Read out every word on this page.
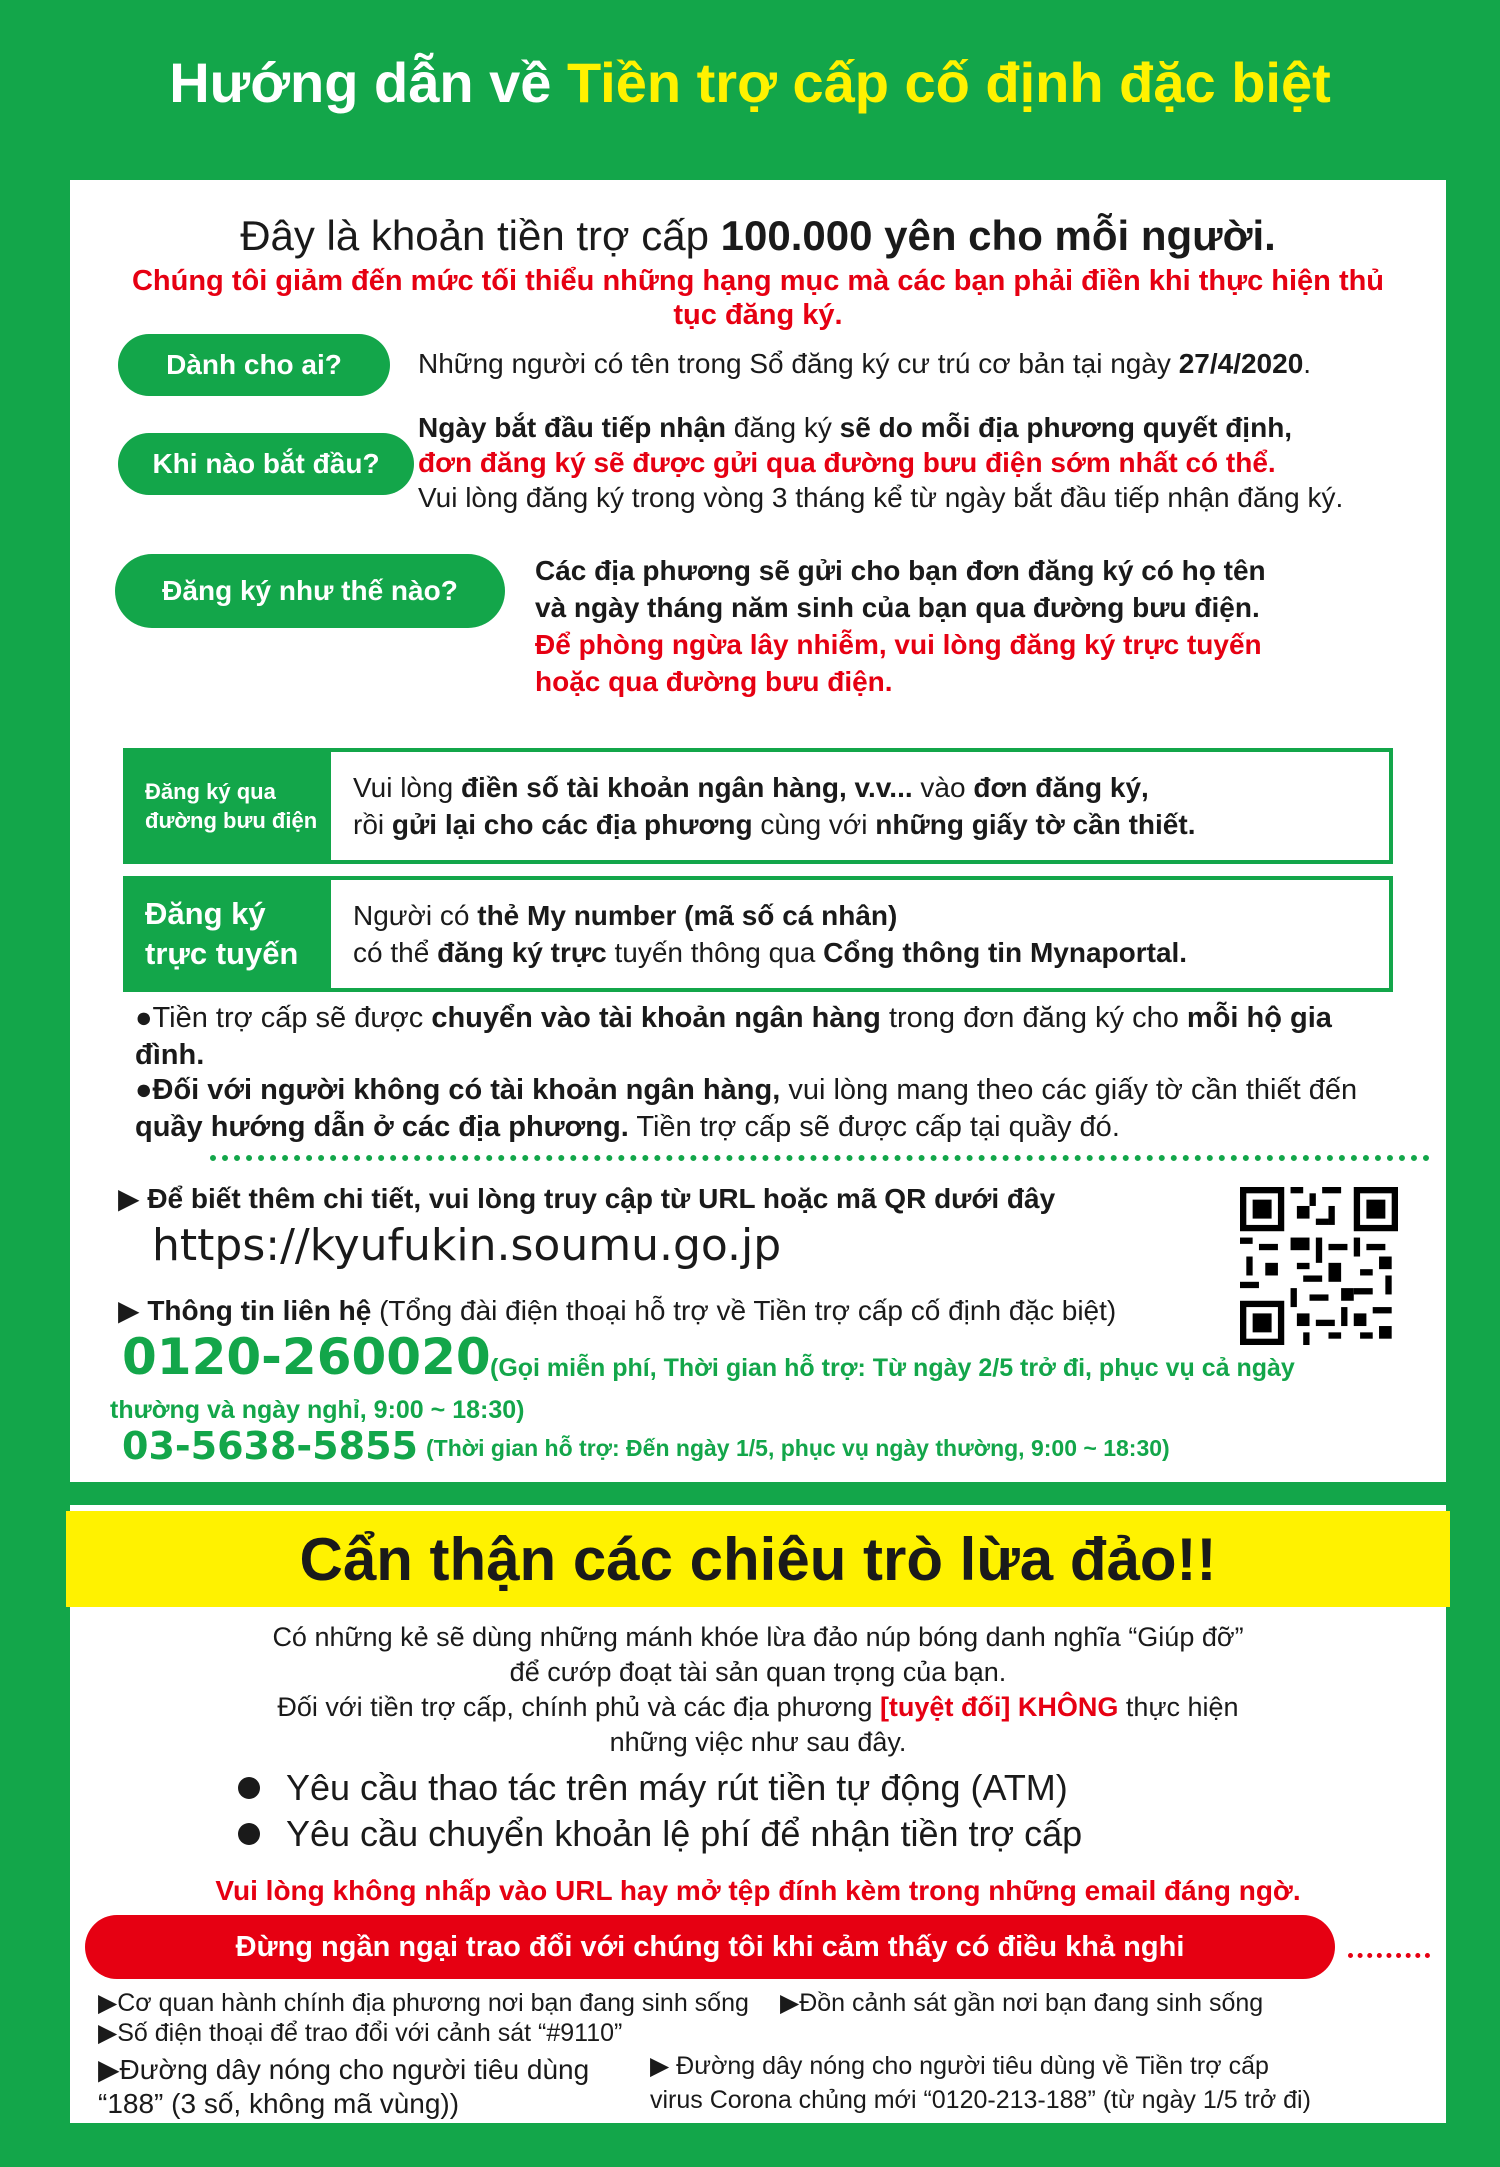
Hướng dẫn về Tiền trợ cấp cố định đặc biệt
Đây là khoản tiền trợ cấp 100.000 yên cho mỗi người.
Chúng tôi giảm đến mức tối thiểu những hạng mục mà các bạn phải điền khi thực hiện thủ tục đăng ký.
Dành cho ai?	Những người có tên trong Sổ đăng ký cư trú cơ bản tại ngày 27/4/2020.
Khi nào bắt đầu?
Ngày bắt đầu tiếp nhận đăng ký sẽ do mỗi địa phương quyết định,
đơn đăng ký sẽ được gửi qua đường bưu điện sớm nhất có thể.
Vui lòng đăng ký trong vòng 3 tháng kể từ ngày bắt đầu tiếp nhận đăng ký.
Đăng ký như thế nào?
Các địa phương sẽ gửi cho bạn đơn đăng ký có họ tên
và ngày tháng năm sinh của bạn qua đường bưu điện.
Để phòng ngừa lây nhiễm, vui lòng đăng ký trực tuyến
hoặc qua đường bưu điện.
Đăng ký qua đường bưu điện
Vui lòng điền số tài khoản ngân hàng, v.v... vào đơn đăng ký,
rồi gửi lại cho các địa phương cùng với những giấy tờ cần thiết.
Đăng ký trực tuyến
Người có thẻ My number (mã số cá nhân)
có thể đăng ký trực tuyến thông qua Cổng thông tin Mynaportal.
●Tiền trợ cấp sẽ được chuyển vào tài khoản ngân hàng trong đơn đăng ký cho mỗi hộ gia đình.
●Đối với người không có tài khoản ngân hàng, vui lòng mang theo các giấy tờ cần thiết đến quầy hướng dẫn ở các địa phương. Tiền trợ cấp sẽ được cấp tại quầy đó.
▶ Để biết thêm chi tiết, vui lòng truy cập từ URL hoặc mã QR dưới đây
https://kyufukin.soumu.go.jp
▶ Thông tin liên hệ (Tổng đài điện thoại hỗ trợ về Tiền trợ cấp cố định đặc biệt)
0120-260020 (Gọi miễn phí, Thời gian hỗ trợ: Từ ngày 2/5 trở đi, phục vụ cả ngày
thường và ngày nghỉ, 9:00 ~ 18:30)
03-5638-5855 (Thời gian hỗ trợ: Đến ngày 1/5, phục vụ ngày thường, 9:00 ~ 18:30)
Cẩn thận các chiêu trò lừa đảo!!
Có những kẻ sẽ dùng những mánh khóe lừa đảo núp bóng danh nghĩa “Giúp đỡ”
để cướp đoạt tài sản quan trọng của bạn.
Đối với tiền trợ cấp, chính phủ và các địa phương [tuyệt đối] KHÔNG thực hiện
những việc như sau đây.
Yêu cầu thao tác trên máy rút tiền tự động (ATM)
Yêu cầu chuyển khoản lệ phí để nhận tiền trợ cấp
Vui lòng không nhấp vào URL hay mở tệp đính kèm trong những email đáng ngờ.
Đừng ngần ngại trao đổi với chúng tôi khi cảm thấy có điều khả nghi
▶Cơ quan hành chính địa phương nơi bạn đang sinh sống ▶Đồn cảnh sát gần nơi bạn đang sinh sống
▶Số điện thoại để trao đổi với cảnh sát “#9110”
▶Đường dây nóng cho người tiêu dùng
“188” (3 số, không mã vùng))
▶ Đường dây nóng cho người tiêu dùng về Tiền trợ cấp
virus Corona chủng mới “0120-213-188” (từ ngày 1/5 trở đi)
